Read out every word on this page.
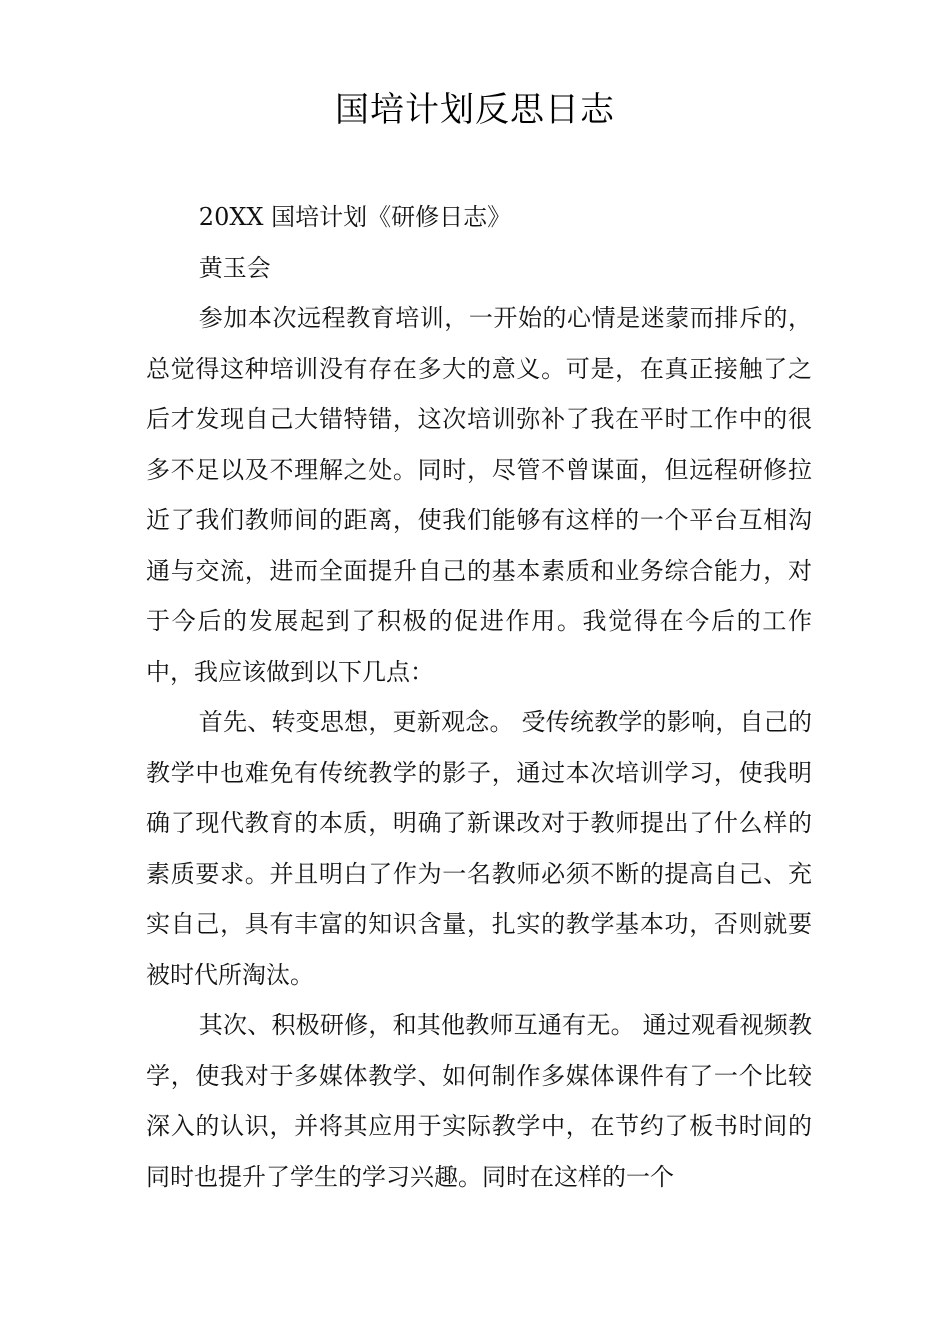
国培计划反思日志

20XX 国培计划《研修日志》

黄玉会

参加本次远程教育培训，一开始的心情是迷蒙而排斥的，总觉得这种培训没有存在多大的意义。可是，在真正接触了之后才发现自己大错特错，这次培训弥补了我在平时工作中的很多不足以及不理解之处。同时，尽管不曾谋面，但远程研修拉近了我们教师间的距离，使我们能够有这样的一个平台互相沟通与交流，进而全面提升自己的基本素质和业务综合能力，对于今后的发展起到了积极的促进作用。我觉得在今后的工作中，我应该做到以下几点：

首先、转变思想，更新观念。 受传统教学的影响，自己的教学中也难免有传统教学的影子，通过本次培训学习，使我明确了现代教育的本质，明确了新课改对于教师提出了什么样的素质要求。并且明白了作为一名教师必须不断的提高自己、充实自己，具有丰富的知识含量，扎实的教学基本功，否则就要被时代所淘汰。

其次、积极研修，和其他教师互通有无。 通过观看视频教学，使我对于多媒体教学、如何制作多媒体课件有了一个比较深入的认识，并将其应用于实际教学中，在节约了板书时间的同时也提升了学生的学习兴趣。同时在这样的一个
